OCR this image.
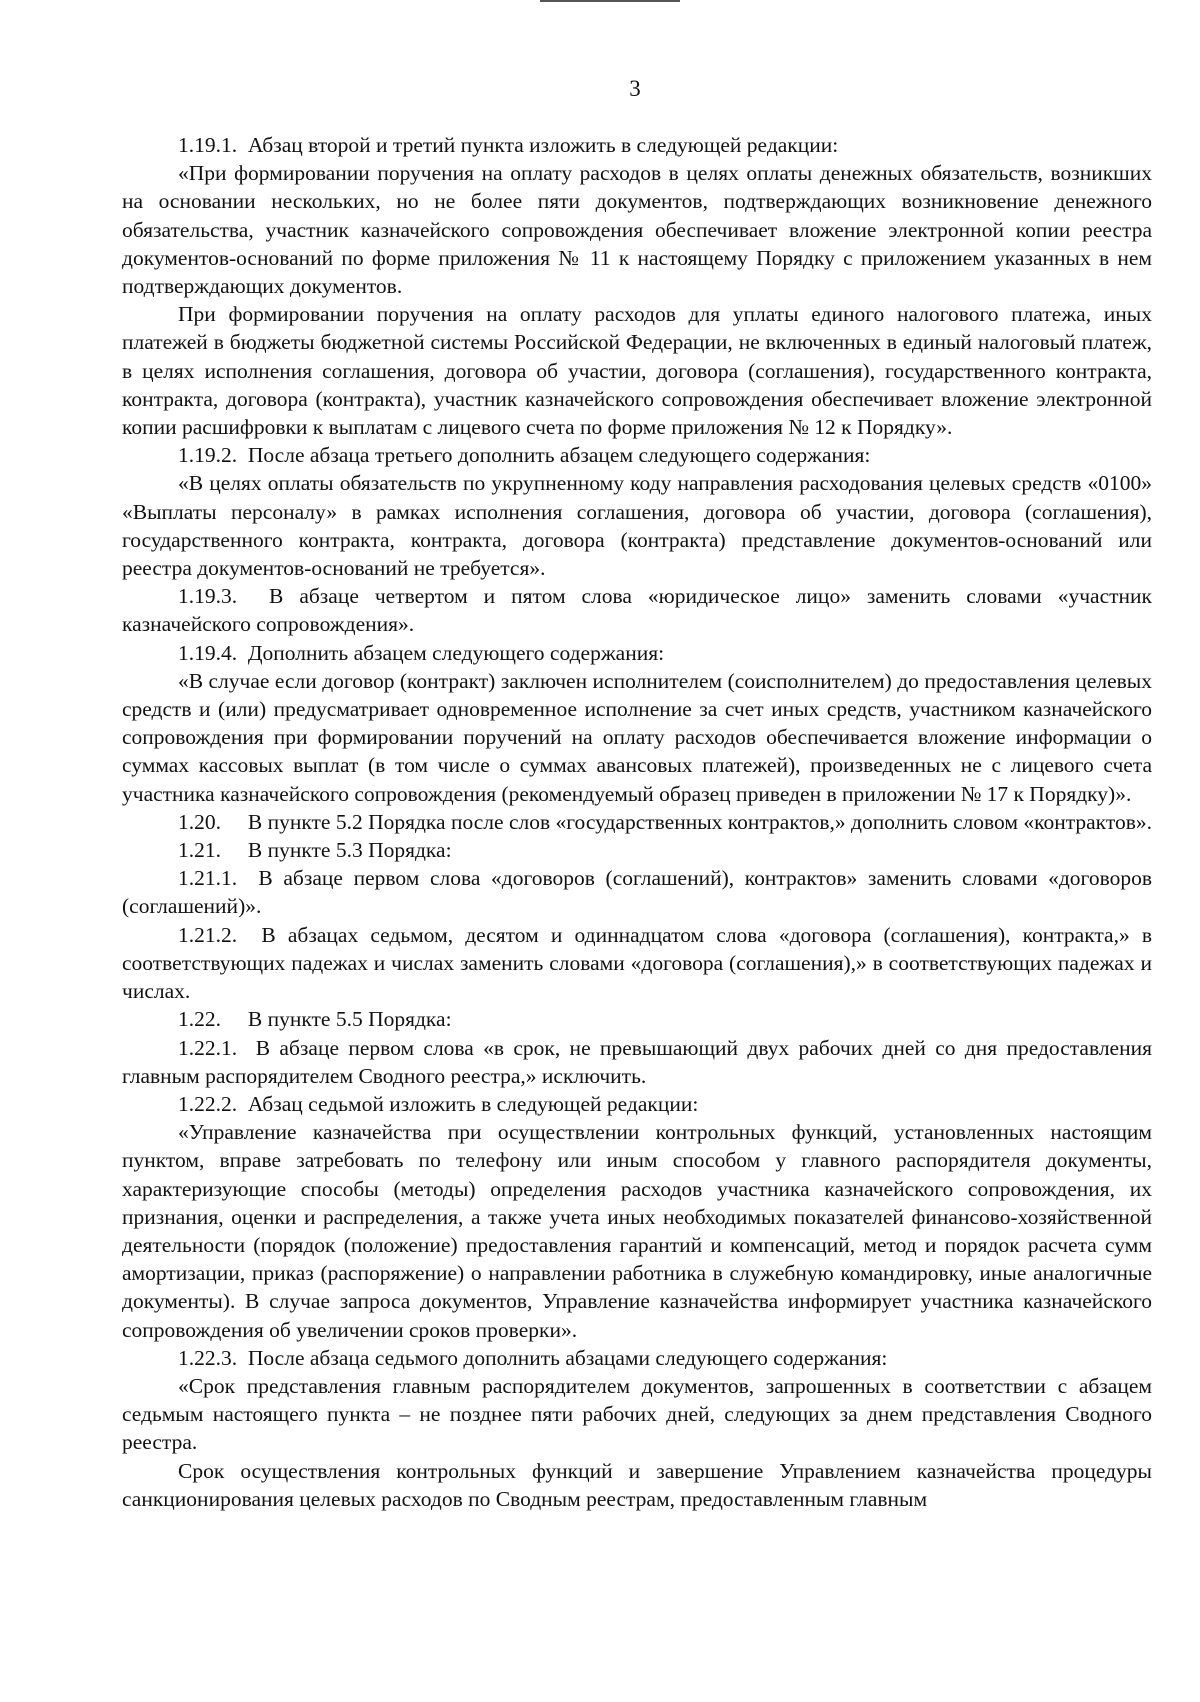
3

1.19.1.  Абзац второй и третий пункта изложить в следующей редакции:

«При формировании поручения на оплату расходов в целях оплаты денежных обязательств, возникших на основании нескольких, но не более пяти документов, подтверждающих возникновение денежного обязательства, участник казначейского сопровождения обеспечивает вложение электронной копии реестра документов-оснований по форме приложения № 11 к настоящему Порядку с приложением указанных в нем подтверждающих документов.

При формировании поручения на оплату расходов для уплаты единого налогового платежа, иных платежей в бюджеты бюджетной системы Российской Федерации, не включенных в единый налоговый платеж, в целях исполнения соглашения, договора об участии, договора (соглашения), государственного контракта, контракта, договора (контракта), участник казначейского сопровождения обеспечивает вложение электронной копии расшифровки к выплатам с лицевого счета по форме приложения № 12 к Порядку».

1.19.2.  После абзаца третьего дополнить абзацем следующего содержания:

«В целях оплаты обязательств по укрупненному коду направления расходования целевых средств «0100» «Выплаты персоналу» в рамках исполнения соглашения, договора об участии, договора (соглашения), государственного контракта, контракта, договора (контракта) представление документов-оснований или реестра документов-оснований не требуется».

1.19.3.  В абзаце четвертом и пятом слова «юридическое лицо» заменить словами «участник казначейского сопровождения».

1.19.4.  Дополнить абзацем следующего содержания:

«В случае если договор (контракт) заключен исполнителем (соисполнителем) до предоставления целевых средств и (или) предусматривает одновременное исполнение за счет иных средств, участником казначейского сопровождения при формировании поручений на оплату расходов обеспечивается вложение информации о суммах кассовых выплат (в том числе о суммах авансовых платежей), произведенных не с лицевого счета участника казначейского сопровождения (рекомендуемый образец приведен в приложении № 17 к Порядку)».

1.20.     В пункте 5.2 Порядка после слов «государственных контрактов,» дополнить словом «контрактов».

1.21.     В пункте 5.3 Порядка:

1.21.1.  В абзаце первом слова «договоров (соглашений), контрактов» заменить словами «договоров (соглашений)».

1.21.2.  В абзацах седьмом, десятом и одиннадцатом слова «договора (соглашения), контракта,» в соответствующих падежах и числах заменить словами «договора (соглашения),» в соответствующих падежах и числах.

1.22.     В пункте 5.5 Порядка:

1.22.1.  В абзаце первом слова «в срок, не превышающий двух рабочих дней со дня предоставления главным распорядителем Сводного реестра,» исключить.

1.22.2.  Абзац седьмой изложить в следующей редакции:

«Управление казначейства при осуществлении контрольных функций, установленных настоящим пунктом, вправе затребовать по телефону или иным способом у главного распорядителя документы, характеризующие способы (методы) определения расходов участника казначейского сопровождения, их признания, оценки и распределения, а также учета иных необходимых показателей финансово-хозяйственной деятельности (порядок (положение) предоставления гарантий и компенсаций, метод и порядок расчета сумм амортизации, приказ (распоряжение) о направлении работника в служебную командировку, иные аналогичные документы). В случае запроса документов, Управление казначейства информирует участника казначейского сопровождения об увеличении сроков проверки».

1.22.3.  После абзаца седьмого дополнить абзацами следующего содержания:

«Срок представления главным распорядителем документов, запрошенных в соответствии с абзацем седьмым настоящего пункта – не позднее пяти рабочих дней, следующих за днем представления Сводного реестра.

Срок осуществления контрольных функций и завершение Управлением казначейства процедуры санкционирования целевых расходов по Сводным реестрам, предоставленным главным
